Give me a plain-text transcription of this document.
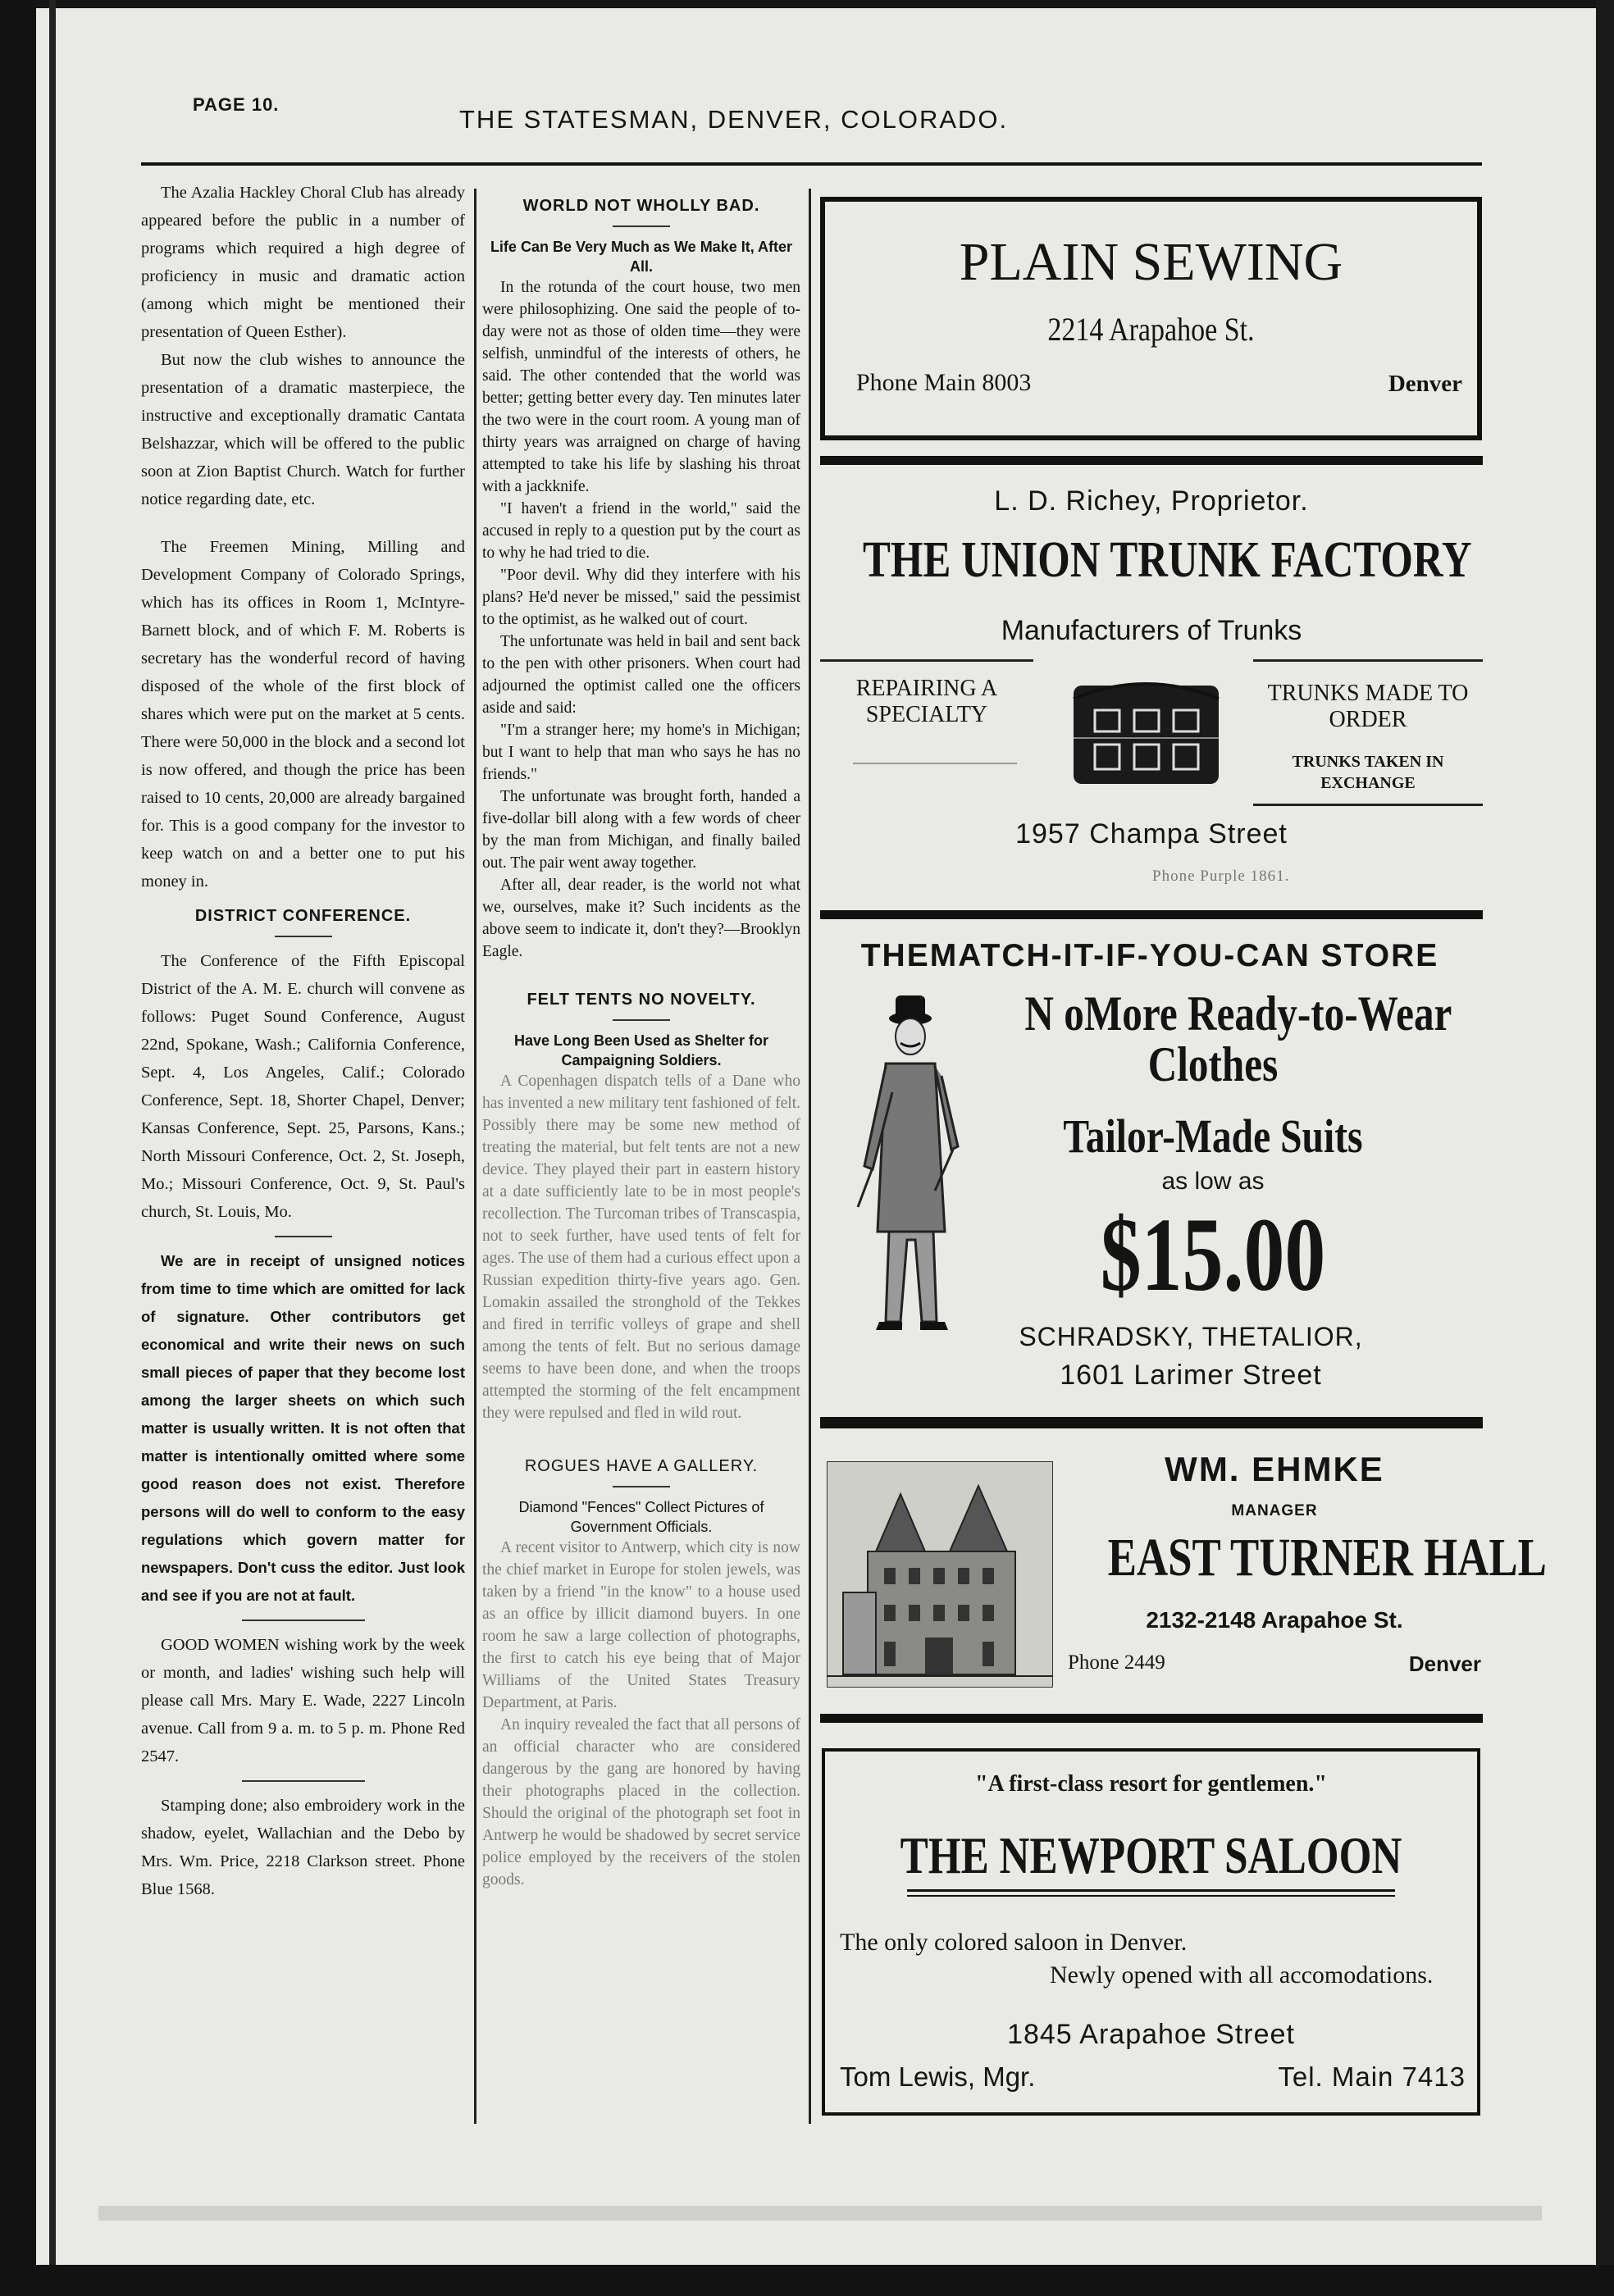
PAGE 10.
THE STATESMAN, DENVER, COLORADO.

The Azalia Hackley Choral Club has already appeared before the public in a number of programs which required a high degree of proficiency in music and dramatic action (among which might be mentioned their presentation of Queen Esther).

But now the club wishes to announce the presentation of a dramatic masterpiece, the instructive and exceptionally dramatic Cantata Belshazzar, which will be offered to the public soon at Zion Baptist Church. Watch for further notice regarding date, etc.

The Freemen Mining, Milling and Development Company of Colorado Springs, which has its offices in Room 1, McIntyre-Barnett block, and of which F. M. Roberts is secretary has the wonderful record of having disposed of the whole of the first block of shares which were put on the market at 5 cents. There were 50,000 in the block and a second lot is now offered, and though the price has been raised to 10 cents, 20,000 are already bargained for. This is a good company for the investor to keep watch on and a better one to put his money in.

DISTRICT CONFERENCE.

The Conference of the Fifth Episcopal District of the A. M. E. church will convene as follows: Puget Sound Conference, August 22nd, Spokane, Wash.; California Conference, Sept. 4, Los Angeles, Calif.; Colorado Conference, Sept. 18, Shorter Chapel, Denver; Kansas Conference, Sept. 25, Parsons, Kans.; North Missouri Conference, Oct. 2, St. Joseph, Mo.; Missouri Conference, Oct. 9, St. Paul's church, St. Louis, Mo.

We are in receipt of unsigned notices from time to time which are omitted for lack of signature. Other contributors get economical and write their news on such small pieces of paper that they become lost among the larger sheets on which such matter is usually written. It is not often that matter is intentionally omitted where some good reason does not exist. Therefore persons will do well to conform to the easy regulations which govern matter for newspapers. Don't cuss the editor. Just look and see if you are not at fault.

GOOD WOMEN wishing work by the week or month, and ladies' wishing such help will please call Mrs. Mary E. Wade, 2227 Lincoln avenue. Call from 9 a. m. to 5 p. m. Phone Red 2547.

Stamping done; also embroidery work in the shadow, eyelet, Wallachian and the Debo by Mrs. Wm. Price, 2218 Clarkson street. Phone Blue 1568.

WORLD NOT WHOLLY BAD.
Life Can Be Very Much as We Make It, After All.

In the rotunda of the court house, two men were philosophizing. One said the people of to-day were not as those of olden time—they were selfish, unmindful of the interests of others, he said. The other contended that the world was better; getting better every day. Ten minutes later the two were in the court room. A young man of thirty years was arraigned on charge of having attempted to take his life by slashing his throat with a jackknife.

"I haven't a friend in the world," said the accused in reply to a question put by the court as to why he had tried to die.

"Poor devil. Why did they interfere with his plans? He'd never be missed," said the pessimist to the optimist, as he walked out of court.

The unfortunate was held in bail and sent back to the pen with other prisoners. When court had adjourned the optimist called one the officers aside and said:

"I'm a stranger here; my home's in Michigan; but I want to help that man who says he has no friends."

The unfortunate was brought forth, handed a five-dollar bill along with a few words of cheer by the man from Michigan, and finally bailed out. The pair went away together.

After all, dear reader, is the world not what we, ourselves, make it? Such incidents as the above seem to indicate it, don't they?—Brooklyn Eagle.

FELT TENTS NO NOVELTY.
Have Long Been Used as Shelter for Campaigning Soldiers.

A Copenhagen dispatch tells of a Dane who has invented a new military tent fashioned of felt. Possibly there may be some new method of treating the material, but felt tents are not a new device. They played their part in eastern history at a date sufficiently late to be in most people's recollection. The Turcoman tribes of Transcaspia, not to seek further, have used tents of felt for ages. The use of them had a curious effect upon a Russian expedition thirty-five years ago. Gen. Lomakin assailed the stronghold of the Tekkes and fired in terrific volleys of grape and shell among the tents of felt. But no serious damage seems to have been done, and when the troops attempted the storming of the felt encampment they were repulsed and fled in wild rout.

ROGUES HAVE A GALLERY.
Diamond "Fences" Collect Pictures of Government Officials.

A recent visitor to Antwerp, which city is now the chief market in Europe for stolen jewels, was taken by a friend "in the know" to a house used as an office by illicit diamond buyers. In one room he saw a large collection of photographs, the first to catch his eye being that of Major Williams of the United States Treasury Department, at Paris.

An inquiry revealed the fact that all persons of an official character who are considered dangerous by the gang are honored by having their photographs placed in the collection. Should the original of the photograph set foot in Antwerp he would be shadowed by secret service police employed by the receivers of the stolen goods.

PLAIN SEWING
2214 Arapahoe St.
Phone Main 8003	Denver
L. D. Richey, Proprietor.
THE UNION TRUNK FACTORY
Manufacturers of Trunks
REPAIRING A SPECIALTY
TRUNKS MADE TO ORDER
TRUNKS TAKEN IN EXCHANGE
1957 Champa Street
Phone Purple 1861.
THEMATCH-IT-IF-YOU-CAN STORE
N oMore Ready-to-Wear
Clothes
Tailor-Made Suits
as low as
$15.00
SCHRADSKY, THETALIOR,
1601 Larimer Street
WM. EHMKE
MANAGER
EAST TURNER HALL
2132-2148 Arapahoe St.
Phone 2449	Denver
"A first-class resort for gentlemen."
THE NEWPORT SALOON
The only colored saloon in Denver.
Newly opened with all accomodations.
1845 Arapahoe Street
Tom Lewis, Mgr.	Tel. Main 7413
